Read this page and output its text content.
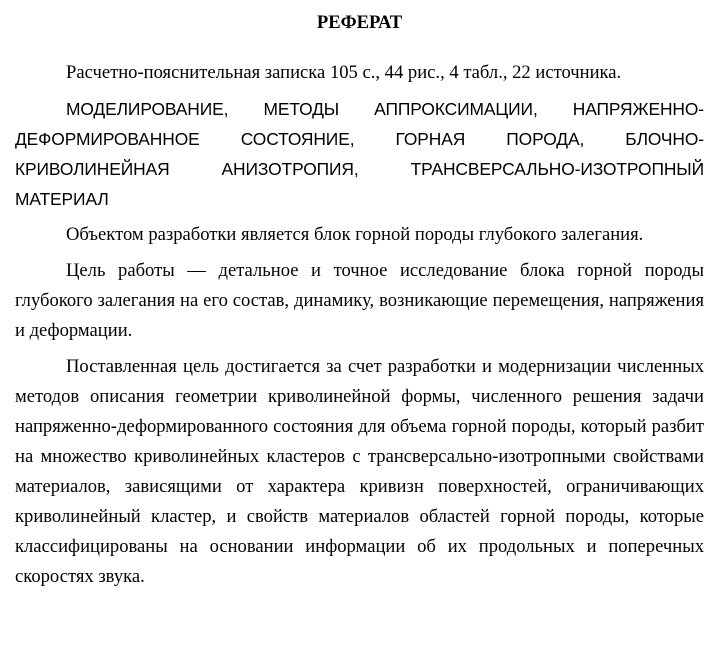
РЕФЕРАТ

Расчетно-пояснительная записка 105 с., 44 рис., 4 табл., 22 источника.

МОДЕЛИРОВАНИЕ, МЕТОДЫ АППРОКСИМАЦИИ, НАПРЯЖЕННО-ДЕФОРМИРОВАННОЕ СОСТОЯНИЕ, ГОРНАЯ ПОРОДА, БЛОЧНО-КРИВОЛИНЕЙНАЯ АНИЗОТРОПИЯ, ТРАНСВЕРСАЛЬНО-ИЗОТРОПНЫЙ МАТЕРИАЛ

Объектом разработки является блок горной породы глубокого залегания.

Цель работы — детальное и точное исследование блока горной породы глубокого залегания на его состав, динамику, возникающие перемещения, напряжения и деформации.

Поставленная цель достигается за счет разработки и модернизации численных методов описания геометрии криволинейной формы, численного решения задачи напряженно-деформированного состояния для объема горной породы, который разбит на множество криволинейных кластеров с трансверсально-изотропными свойствами материалов, зависящими от характера кривизн поверхностей, ограничивающих криволинейный кластер, и свойств материалов областей горной породы, которые классифицированы на основании информации об их продольных и поперечных скоростях звука.
